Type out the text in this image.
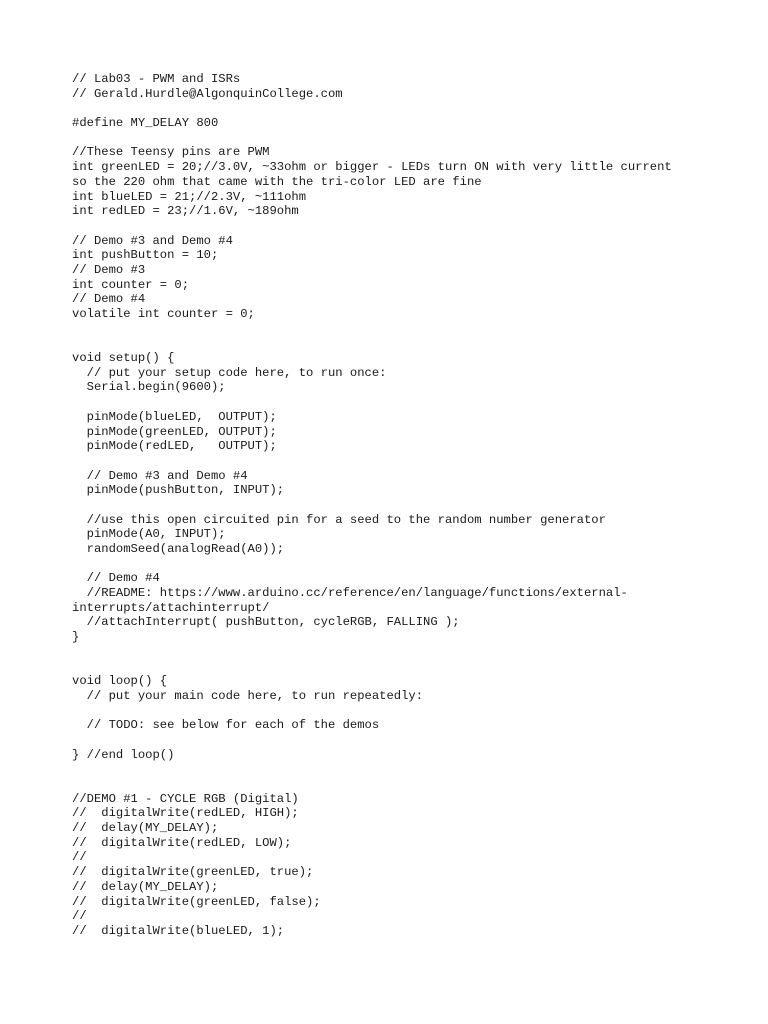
// Lab03 - PWM and ISRs
// Gerald.Hurdle@AlgonquinCollege.com
#define MY_DELAY 800
//These Teensy pins are PWM
int greenLED = 20;//3.0V, ~33ohm or bigger - LEDs turn ON with very little current
so the 220 ohm that came with the tri-color LED are fine
int blueLED = 21;//2.3V, ~111ohm
int redLED = 23;//1.6V, ~189ohm
// Demo #3 and Demo #4
int pushButton = 10;
// Demo #3
int counter = 0;
// Demo #4
volatile int counter = 0;
void setup() {
// put your setup code here, to run once:
Serial.begin(9600);
pinMode(blueLED,  OUTPUT);
pinMode(greenLED, OUTPUT);
pinMode(redLED,   OUTPUT);
// Demo #3 and Demo #4
pinMode(pushButton, INPUT);
//use this open circuited pin for a seed to the random number generator
pinMode(A0, INPUT);
randomSeed(analogRead(A0));
// Demo #4
//README: https://www.arduino.cc/reference/en/language/functions/external-
interrupts/attachinterrupt/
//attachInterrupt( pushButton, cycleRGB, FALLING );
}
void loop() {
// put your main code here, to run repeatedly:
// TODO: see below for each of the demos
} //end loop()
//DEMO #1 - CYCLE RGB (Digital)
//  digitalWrite(redLED, HIGH);
//  delay(MY_DELAY);
//  digitalWrite(redLED, LOW);
//
//  digitalWrite(greenLED, true);
//  delay(MY_DELAY);
//  digitalWrite(greenLED, false);
//
//  digitalWrite(blueLED, 1);
